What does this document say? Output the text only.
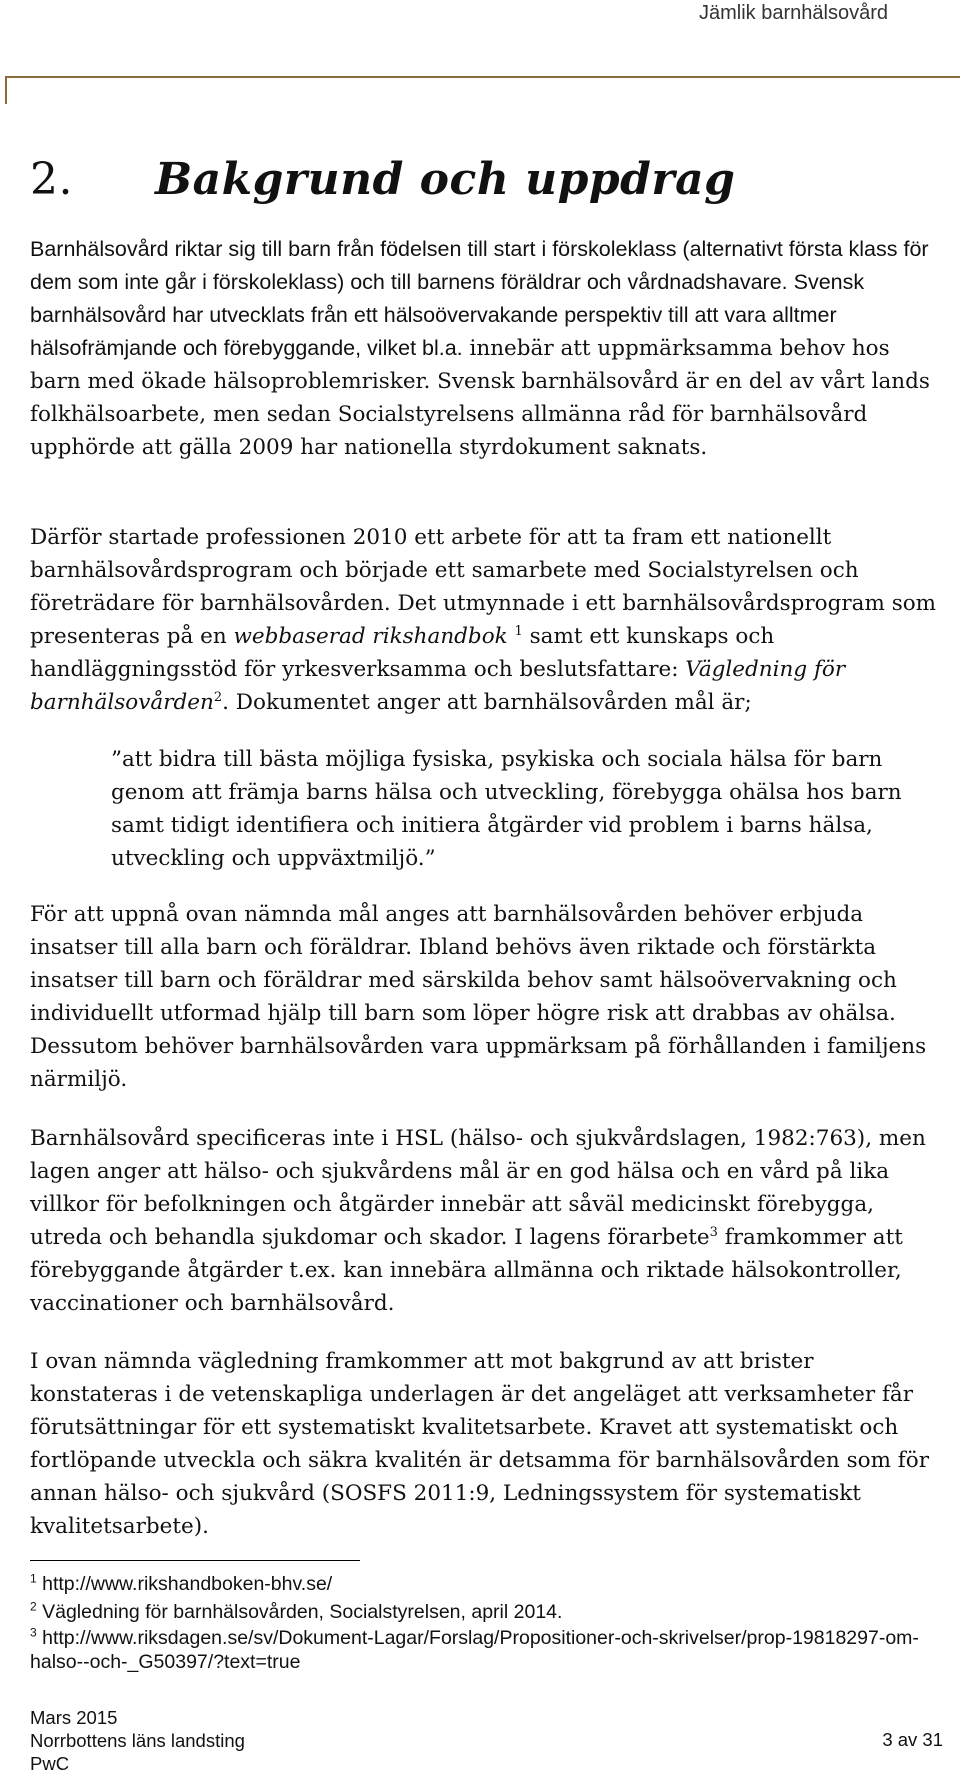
Jämlik barnhälsovård
2. Bakgrund och uppdrag

Barnhälsovård riktar sig till barn från födelsen till start i förskoleklass (alternativt första klass för dem som inte går i förskoleklass) och till barnens föräldrar och vårdnadshavare. Svensk barnhälsovård har utvecklats från ett hälsoövervakande perspektiv till att vara alltmer hälsofrämjande och förebyggande, vilket bl.a. innebär att uppmärksamma behov hos barn med ökade hälsoproblemrisker. Svensk barnhälsovård är en del av vårt lands folkhälsoarbete, men sedan Socialstyrelsens allmänna råd för barnhälsovård upphörde att gälla 2009 har nationella styrdokument saknats.

Därför startade professionen 2010 ett arbete för att ta fram ett nationellt barnhälsovårdsprogram och började ett samarbete med Socialstyrelsen och företrädare för barnhälsovården. Det utmynnade i ett barnhälsovårdsprogram som presenteras på en webbaserad rikshandbok $^1$ samt ett kunskaps och handläggningsstöd för yrkesverksamma och beslutsfattare: Vägledning för barnhälsovården$^2$. Dokumentet anger att barnhälsovården mål är;

”att bidra till bästa möjliga fysiska, psykiska och sociala hälsa för barn genom att främja barns hälsa och utveckling, förebygga ohälsa hos barn samt tidigt identifiera och initiera åtgärder vid problem i barns hälsa, utveckling och uppväxtmiljö.”

För att uppnå ovan nämnda mål anges att barnhälsovården behöver erbjuda insatser till alla barn och föräldrar. Ibland behövs även riktade och förstärkta insatser till barn och föräldrar med särskilda behov samt hälsoövervakning och individuellt utformad hjälp till barn som löper högre risk att drabbas av ohälsa. Dessutom behöver barnhälsovården vara uppmärksam på förhållanden i familjens närmiljö.

Barnhälsovård specificeras inte i HSL (hälso- och sjukvårdslagen, 1982:763), men lagen anger att hälso- och sjukvårdens mål är en god hälsa och en vård på lika villkor för befolkningen och åtgärder innebär att såväl medicinskt förebygga, utreda och behandla sjukdomar och skador. I lagens förarbete$^3$ framkommer att förebyggande åtgärder t.ex. kan innebära allmänna och riktade hälsokontroller, vaccinationer och barnhälsovård.

I ovan nämnda vägledning framkommer att mot bakgrund av att brister konstateras i de vetenskapliga underlagen är det angeläget att verksamheter får förutsättningar för ett systematiskt kvalitetsarbete. Kravet att systematiskt och fortlöpande utveckla och säkra kvalitén är detsamma för barnhälsovården som för annan hälso- och sjukvård (SOSFS 2011:9, Ledningssystem för systematiskt kvalitetsarbete).

$^1$ http://www.rikshandboken-bhv.se/

$^2$ Vägledning för barnhälsovården, Socialstyrelsen, april 2014.

$^3$ http://www.riksdagen.se/sv/Dokument-Lagar/Forslag/Propositioner-och-skrivelser/prop-19818297-om-halso--och-_G50397/?text=true

Mars 2015
Norrbottens läns landsting
PwC
3 av 31
